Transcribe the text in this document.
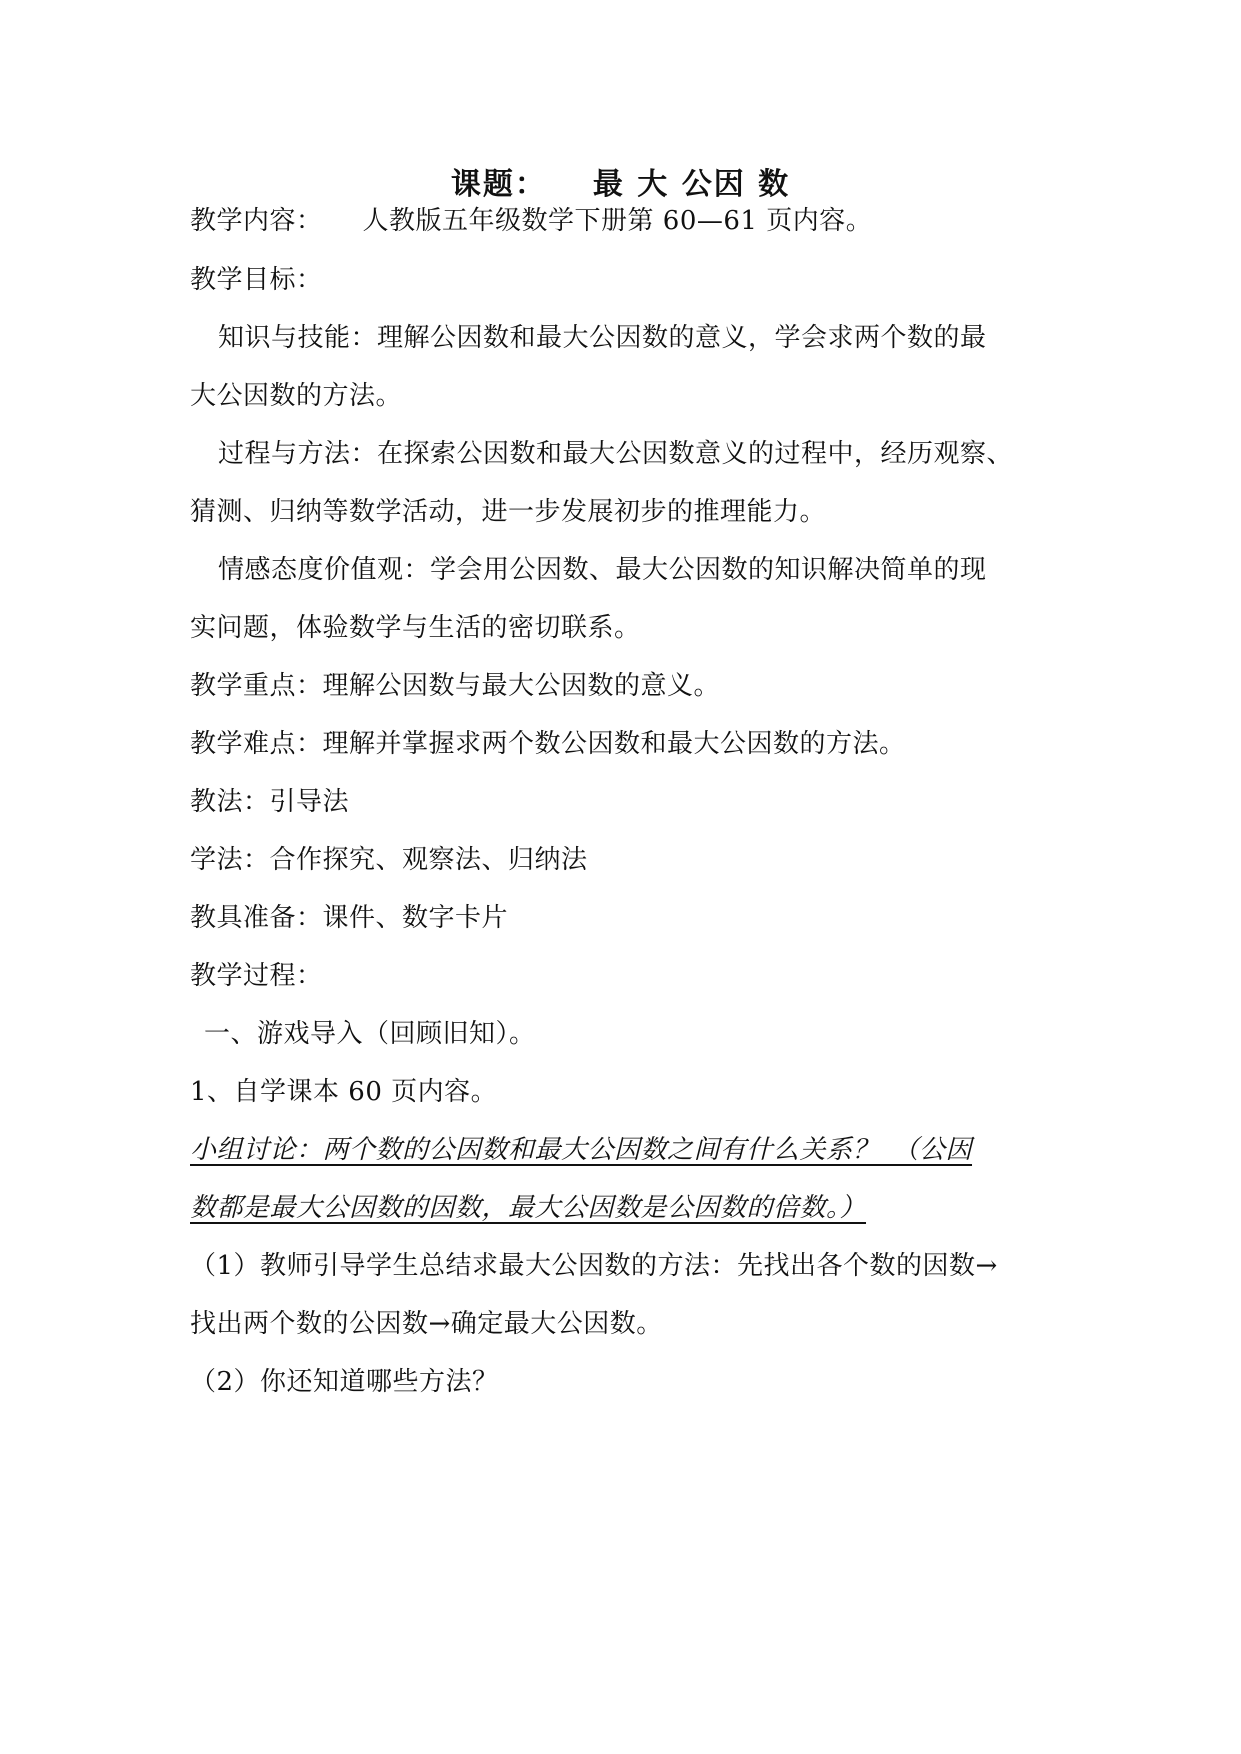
课题： 最 大 公因 数
教学内容： 人教版五年级数学下册第 60—61 页内容。
教学目标：
知识与技能：理解公因数和最大公因数的意义，学会求两个数的最
大公因数的方法。
过程与方法：在探索公因数和最大公因数意义的过程中，经历观察、
猜测、归纳等数学活动，进一步发展初步的推理能力。
情感态度价值观：学会用公因数、最大公因数的知识解决简单的现
实问题，体验数学与生活的密切联系。
教学重点：理解公因数与最大公因数的意义。
教学难点：理解并掌握求两个数公因数和最大公因数的方法。
教法：引导法
学法：合作探究、观察法、归纳法
教具准备：课件、数字卡片
教学过程：
一、游戏导入（回顾旧知）。
1、自学课本 60 页内容。
小组讨论：两个数的公因数和最大公因数之间有什么关系？　（公因
数都是最大公因数的因数，最大公因数是公因数的倍数。）
（1）教师引导学生总结求最大公因数的方法：先找出各个数的因数→
找出两个数的公因数→确定最大公因数。
（2）你还知道哪些方法？
